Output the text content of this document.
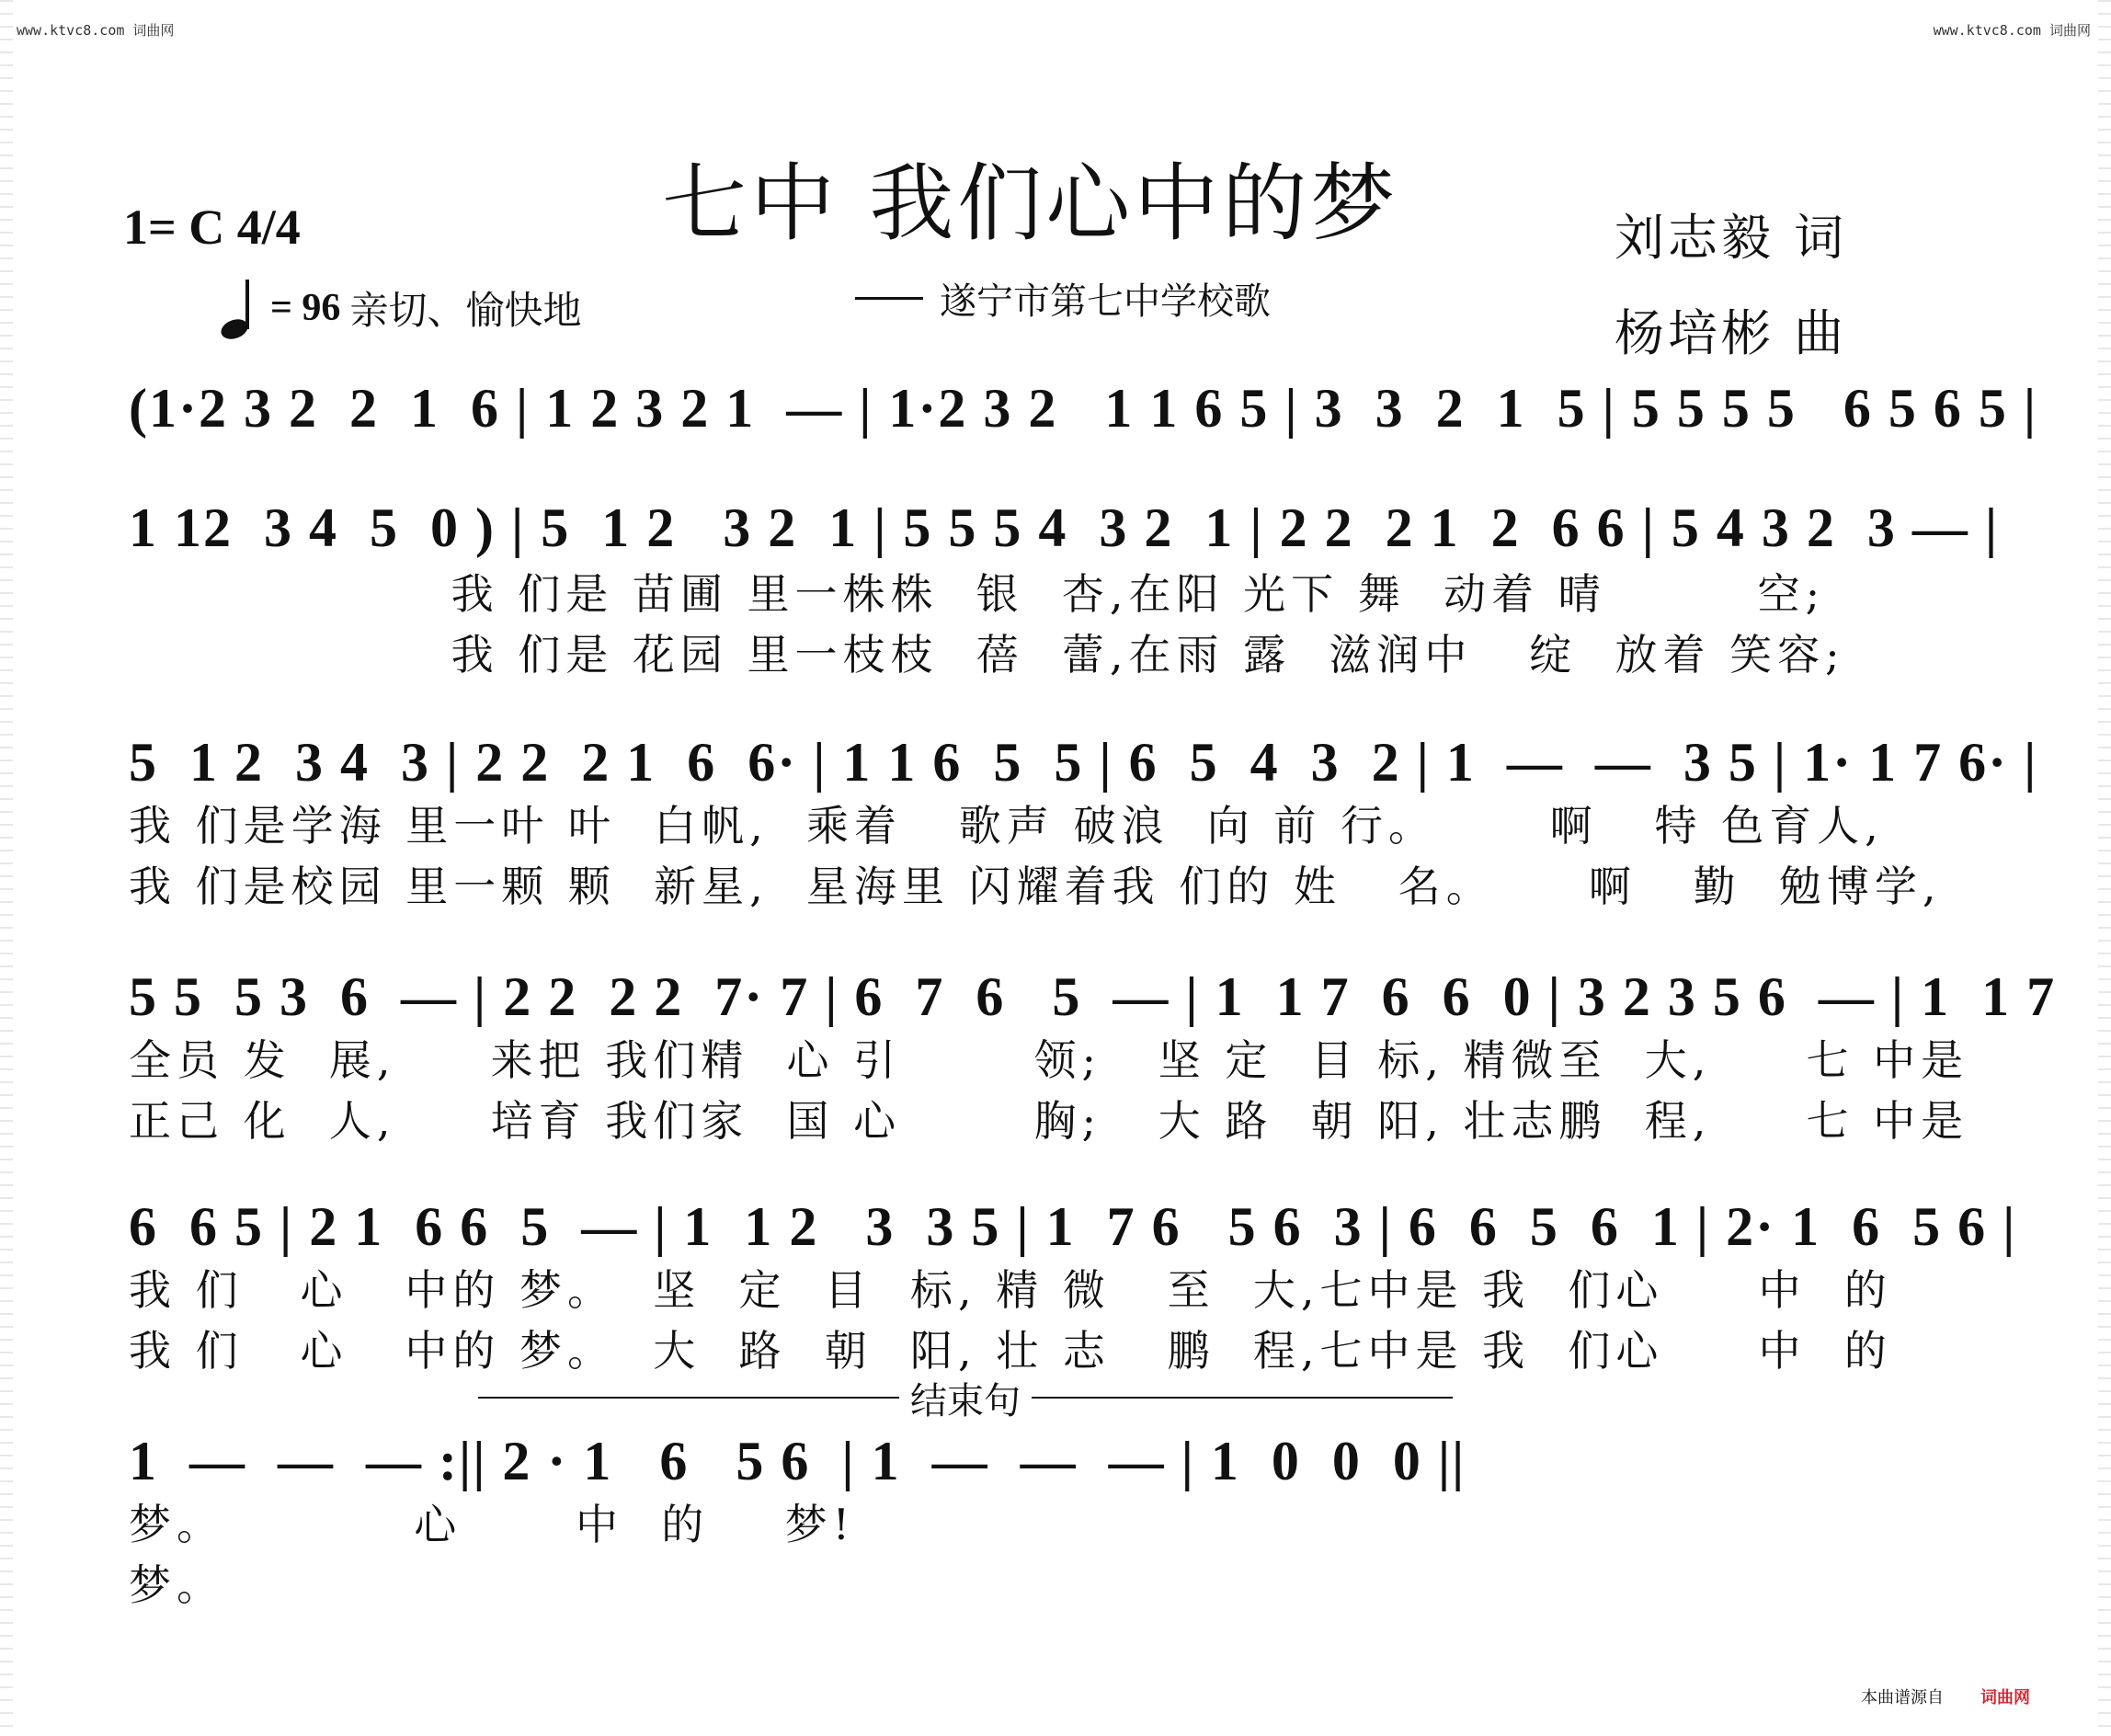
www.ktvc8.com 词曲网	www.ktvc8.com 词曲网
七中 我们心中的梦
1= C 4/4
= 96 亲切、愉快地	遂宁市第七中学校歌
刘志毅 词
杨培彬 曲
(1·2 3 2  2  1  6 | 1 2 3 2 1  — | 1·2 3 2   1 1 6 5 | 3  3  2  1  5 | 5 5 5 5   6 5 6 5 |
1 12  3 4  5  0 ) | 5  1 2   3 2  1 | 5 5 5 4  3 2  1 | 2 2  2 1  2  6 6 | 5 4 3 2  3 — |
我 们是 苗圃 里一株株  银  杏,在阳 光下 舞  动着 晴        空;
我 们是 花园 里一枝枝  蓓  蕾,在雨 露  滋润中   绽  放着 笑容;
5  1 2  3 4  3 | 2 2  2 1  6  6· | 1 1 6  5  5 | 6  5  4  3  2 | 1  —  —  3 5 | 1· 1 7 6· |
我 们是学海 里一叶 叶  白帆,  乘着   歌声 破浪  向 前 行。      啊   特 色育人,
我 们是校园 里一颗 颗  新星,  星海里 闪耀着我 们的 姓   名。     啊   勤  勉博学,
5 5  5 3  6  — | 2 2  2 2  7· 7 | 6  7  6   5  — | 1  1 7  6  6  0 | 3 2 3 5 6  — | 1  1 7
全员 发  展,     来把 我们精  心 引       领;   坚 定  目 标, 精微至  大,     七 中是
正己 化  人,     培育 我们家  国 心       胸;   大 路  朝 阳, 壮志鹏  程,     七 中是
6  6 5 | 2 1  6 6  5  — | 1  1 2   3  3 5 | 1  7 6   5 6  3 | 6  6  5  6  1 | 2· 1  6  5 6 |
我 们   心   中的 梦。  坚  定  目  标, 精 微   至  大,七中是 我  们心     中  的
我 们   心   中的 梦。  大  路  朝  阳, 壮 志   鹏  程,七中是 我  们心     中  的
结束句
1  —  —  — :|| 2 · 1   6   5 6  | 1  —  —  — | 1  0  0  0 ||
梦。          心      中  的    梦!
梦。
本曲谱源自 词曲网
